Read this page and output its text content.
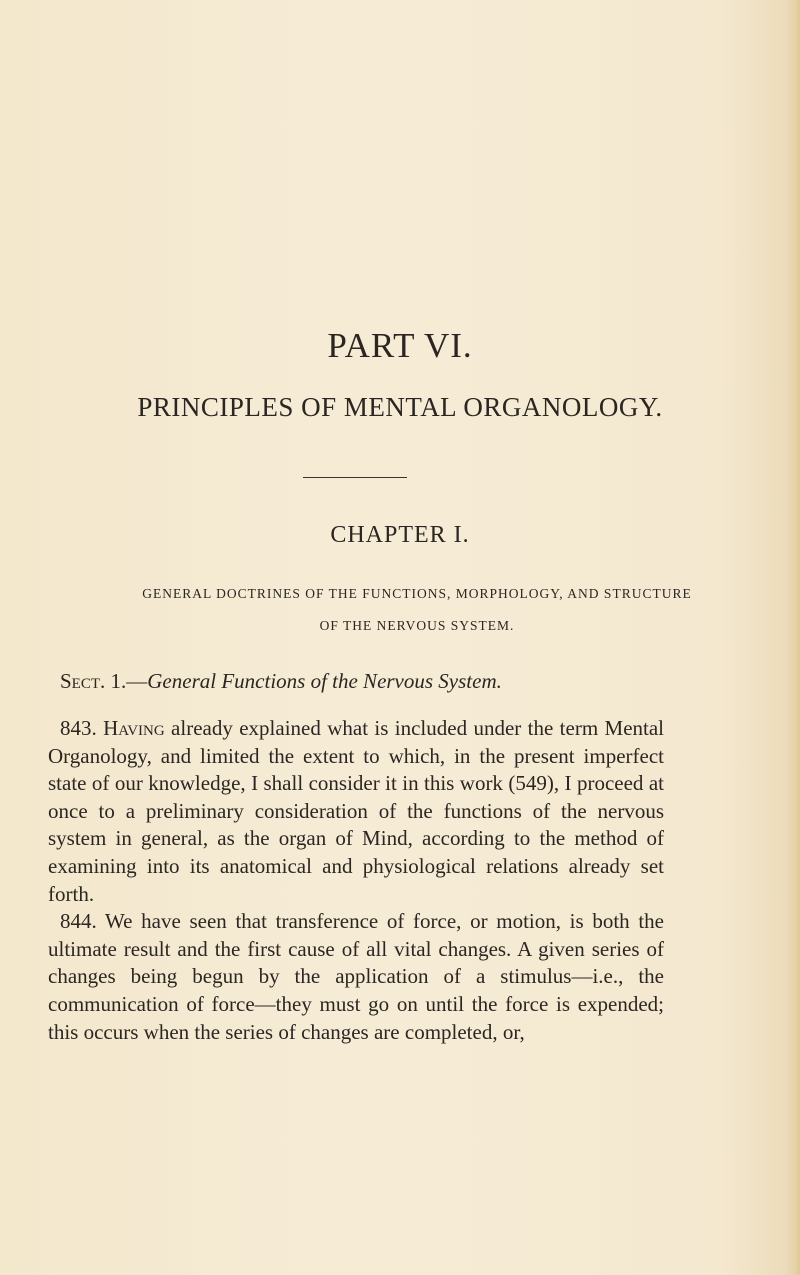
PART VI.
PRINCIPLES OF MENTAL ORGANOLOGY.
CHAPTER I.
GENERAL DOCTRINES OF THE FUNCTIONS, MORPHOLOGY, AND STRUCTURE OF THE NERVOUS SYSTEM.
Sect. 1.—General Functions of the Nervous System.

843. Having already explained what is included under the term Mental Organology, and limited the extent to which, in the present imperfect state of our knowledge, I shall consider it in this work (549), I proceed at once to a preliminary consideration of the functions of the nervous system in general, as the organ of Mind, according to the method of examining into its anatomical and physiological relations already set forth.

844. We have seen that transference of force, or motion, is both the ultimate result and the first cause of all vital changes. A given series of changes being begun by the application of a stimulus—i.e., the communication of force—they must go on until the force is expended; this occurs when the series of changes are completed, or,
